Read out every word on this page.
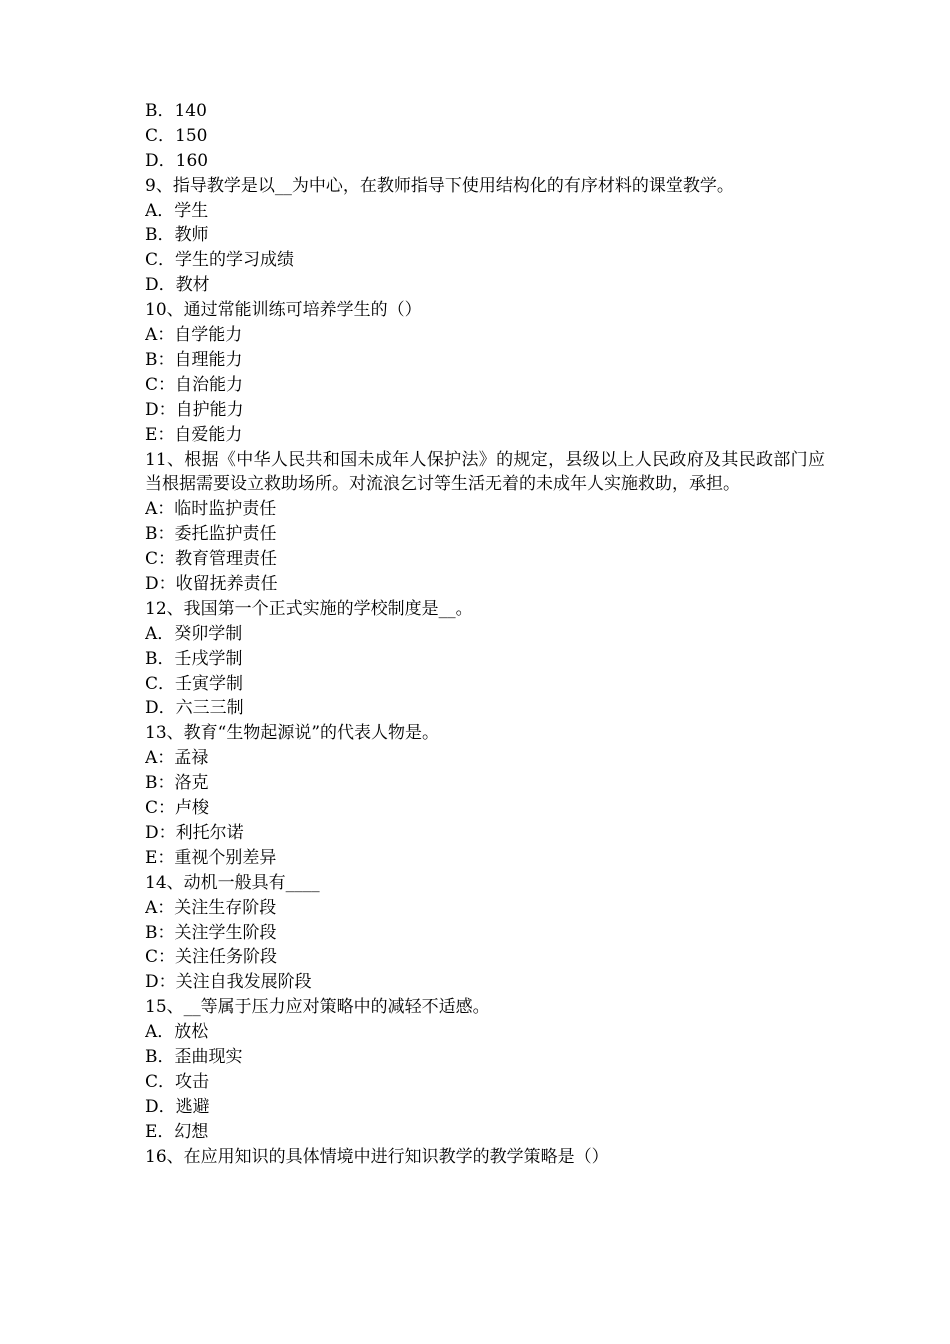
B．140
C．150
D．160
9、指导教学是以__为中心，在教师指导下使用结构化的有序材料的课堂教学。
A．学生
B．教师
C．学生的学习成绩
D．教材
10、通过常能训练可培养学生的（）
A：自学能力
B：自理能力
C：自治能力
D：自护能力
E：自爱能力
11、根据《中华人民共和国未成年人保护法》的规定，县级以上人民政府及其民政部门应当根据需要设立救助场所。对流浪乞讨等生活无着的未成年人实施救助，承担。
A：临时监护责任
B：委托监护责任
C：教育管理责任
D：收留抚养责任
12、我国第一个正式实施的学校制度是__。
A．癸卯学制
B．壬戌学制
C．壬寅学制
D．六三三制
13、教育“生物起源说”的代表人物是。
A：孟禄
B：洛克
C：卢梭
D：利托尔诺
E：重视个别差异
14、动机一般具有____
A：关注生存阶段
B：关注学生阶段
C：关注任务阶段
D：关注自我发展阶段
15、__等属于压力应对策略中的减轻不适感。
A．放松
B．歪曲现实
C．攻击
D．逃避
E．幻想
16、在应用知识的具体情境中进行知识教学的教学策略是（）
